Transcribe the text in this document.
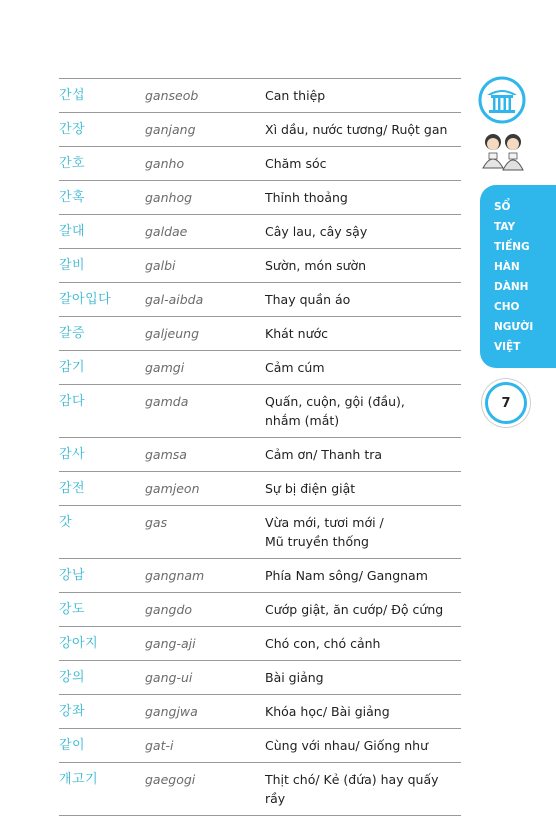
간섭	ganseob	Can thiệp
간장	ganjang	Xì dầu, nước tương/ Ruột gan
간호	ganho	Chăm sóc
간혹	ganhog	Thỉnh thoảng
갈대	galdae	Cây lau, cây sậy
갈비	galbi	Sườn, món sườn
갈아입다	gal-aibda	Thay quần áo
갈증	galjeung	Khát nước
감기	gamgi	Cảm cúm
감다	gamda	Quấn, cuộn, gội (đầu),
nhắm (mắt)
감사	gamsa	Cảm ơn/ Thanh tra
감전	gamjeon	Sự bị điện giật
갓	gas	Vừa mới, tươi mới /
Mũ truyền thống
강남	gangnam	Phía Nam sông/ Gangnam
강도	gangdo	Cướp giật, ăn cướp/ Độ cứng
강아지	gang-aji	Chó con, chó cảnh
강의	gang-ui	Bài giảng
강좌	gangjwa	Khóa học/ Bài giảng
같이	gat-i	Cùng với nhau/ Giống như
개고기	gaegogi	Thịt chó/ Kẻ (đứa) hay quấy rầy
SỔ
TAY
TIẾNG
HÀN
DÀNH
CHO
NGƯỜI
VIỆT
7
